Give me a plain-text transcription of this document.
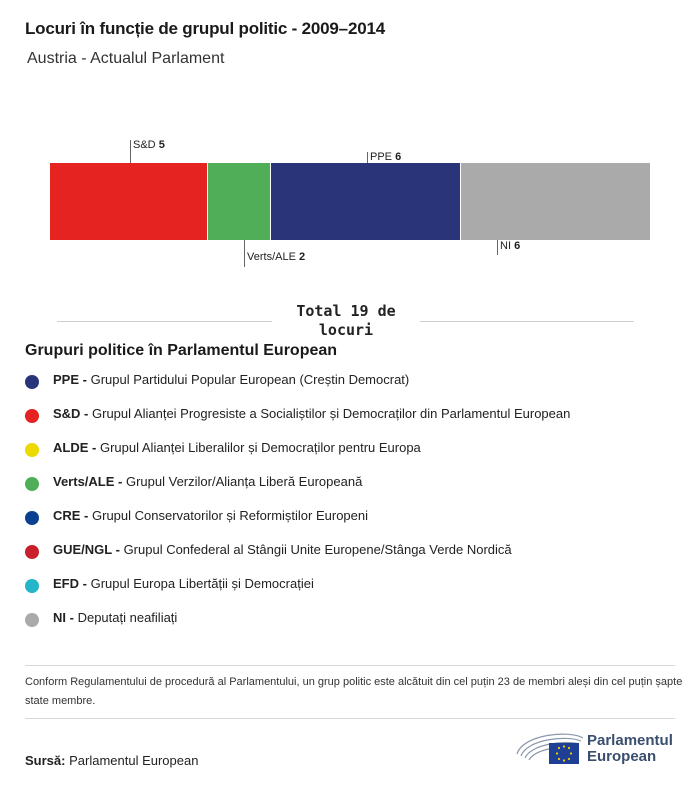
Locuri în funcție de grupul politic - 2009–2014
Austria - Actualul Parlament
S&D 5
Verts/ALE 2
PPE 6
NI 6
Total 19 de locuri
Grupuri politice în Parlamentul European
PPE - Grupul Partidului Popular European (Creștin Democrat)
S&D - Grupul Alianței Progresiste a Socialiștilor și Democraților din Parlamentul European
ALDE - Grupul Alianței Liberalilor și Democraților pentru Europa
Verts/ALE - Grupul Verzilor/Alianța Liberă Europeană
CRE - Grupul Conservatorilor și Reformiștilor Europeni
GUE/NGL - Grupul Confederal al Stângii Unite Europene/Stânga Verde Nordică
EFD - Grupul Europa Libertății și Democrației
NI - Deputați neafiliați
Conform Regulamentului de procedură al Parlamentului, un grup politic este alcătuit din cel puțin 23 de membri aleși din cel puțin șapte state membre.
Sursă: Parlamentul European
Parlamentul
European
